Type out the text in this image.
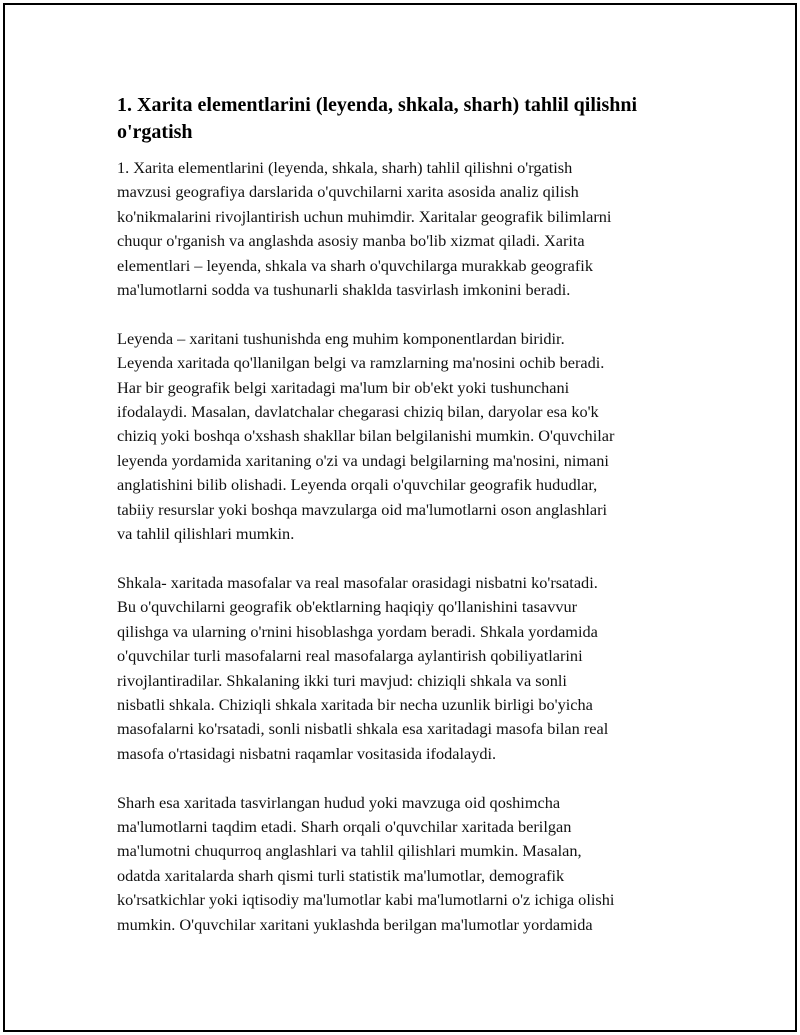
1. Xarita elementlarini (leyenda, shkala, sharh) tahlil qilishni
o'rgatish

1. Xarita elementlarini (leyenda, shkala, sharh) tahlil qilishni o'rgatish
mavzusi geografiya darslarida o'quvchilarni xarita asosida analiz qilish
ko'nikmalarini rivojlantirish uchun muhimdir. Xaritalar geografik bilimlarni
chuqur o'rganish va anglashda asosiy manba bo'lib xizmat qiladi. Xarita
elementlari – leyenda, shkala va sharh o'quvchilarga murakkab geografik
ma'lumotlarni sodda va tushunarli shaklda tasvirlash imkonini beradi.

Leyenda – xaritani tushunishda eng muhim komponentlardan biridir.
Leyenda xaritada qo'llanilgan belgi va ramzlarning ma'nosini ochib beradi.
Har bir geografik belgi xaritadagi ma'lum bir ob'ekt yoki tushunchani
ifodalaydi. Masalan, davlatchalar chegarasi chiziq bilan, daryolar esa ko'k
chiziq yoki boshqa o'xshash shakllar bilan belgilanishi mumkin. O'quvchilar
leyenda yordamida xaritaning o'zi va undagi belgilarning ma'nosini, nimani
anglatishini bilib olishadi. Leyenda orqali o'quvchilar geografik hududlar,
tabiiy resurslar yoki boshqa mavzularga oid ma'lumotlarni oson anglashlari
va tahlil qilishlari mumkin.

Shkala- xaritada masofalar va real masofalar orasidagi nisbatni ko'rsatadi.
Bu o'quvchilarni geografik ob'ektlarning haqiqiy qo'llanishini tasavvur
qilishga va ularning o'rnini hisoblashga yordam beradi. Shkala yordamida
o'quvchilar turli masofalarni real masofalarga aylantirish qobiliyatlarini
rivojlantiradilar. Shkalaning ikki turi mavjud: chiziqli shkala va sonli
nisbatli shkala. Chiziqli shkala xaritada bir necha uzunlik birligi bo'yicha
masofalarni ko'rsatadi, sonli nisbatli shkala esa xaritadagi masofa bilan real
masofa o'rtasidagi nisbatni raqamlar vositasida ifodalaydi.

Sharh esa xaritada tasvirlangan hudud yoki mavzuga oid qoshimcha
ma'lumotlarni taqdim etadi. Sharh orqali o'quvchilar xaritada berilgan
ma'lumotni chuqurroq anglashlari va tahlil qilishlari mumkin. Masalan,
odatda xaritalarda sharh qismi turli statistik ma'lumotlar, demografik
ko'rsatkichlar yoki iqtisodiy ma'lumotlar kabi ma'lumotlarni o'z ichiga olishi
mumkin. O'quvchilar xaritani yuklashda berilgan ma'lumotlar yordamida
